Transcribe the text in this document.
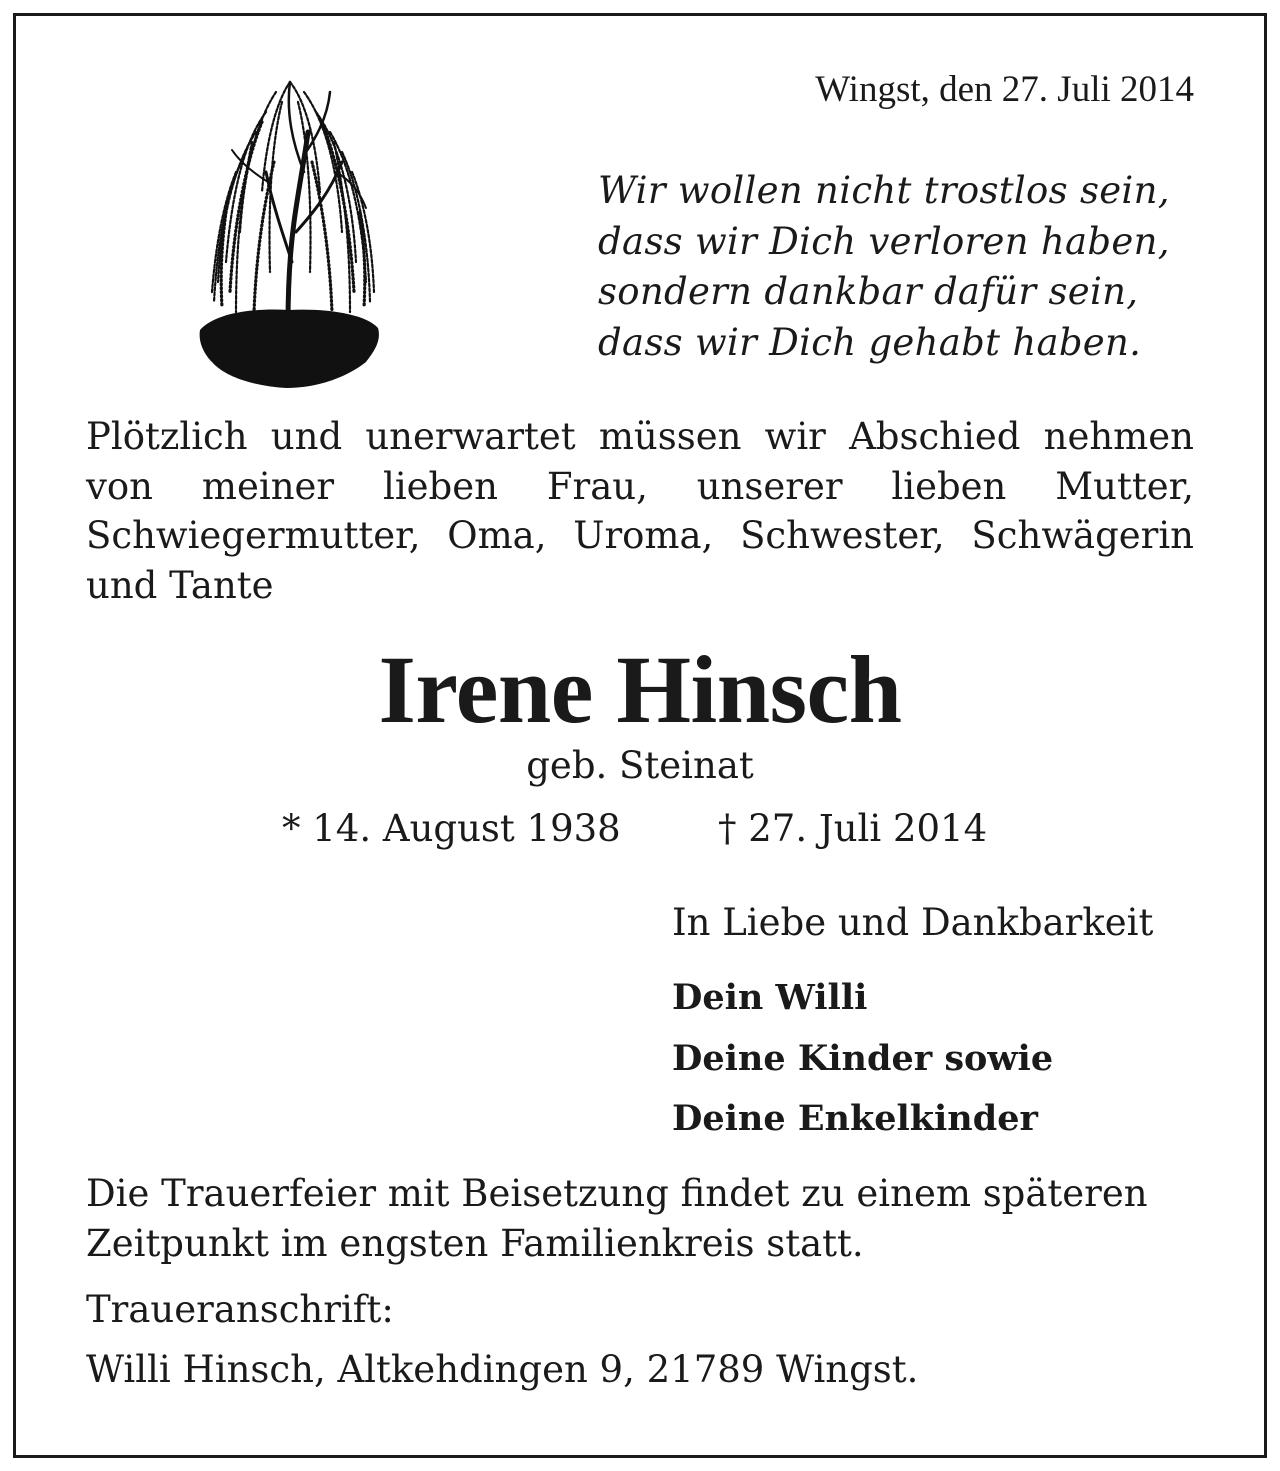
Wingst, den 27. Juli 2014
Wir wollen nicht trostlos sein,
dass wir Dich verloren haben,
sondern dankbar dafür sein,
dass wir Dich gehabt haben.
Plötzlich und unerwartet müssen wir Abschied nehmen von meiner lieben Frau, unserer lieben Mutter, Schwiegermutter, Oma, Uroma, Schwester, Schwägerin und Tante
Irene Hinsch
geb. Steinat
* 14. August 1938	† 27. Juli 2014
In Liebe und Dankbarkeit
Dein Willi
Deine Kinder sowie
Deine Enkelkinder
Die Trauerfeier mit Beisetzung findet zu einem späteren Zeitpunkt im engsten Familienkreis statt.
Traueranschrift:
Willi Hinsch, Altkehdingen 9, 21789 Wingst.
